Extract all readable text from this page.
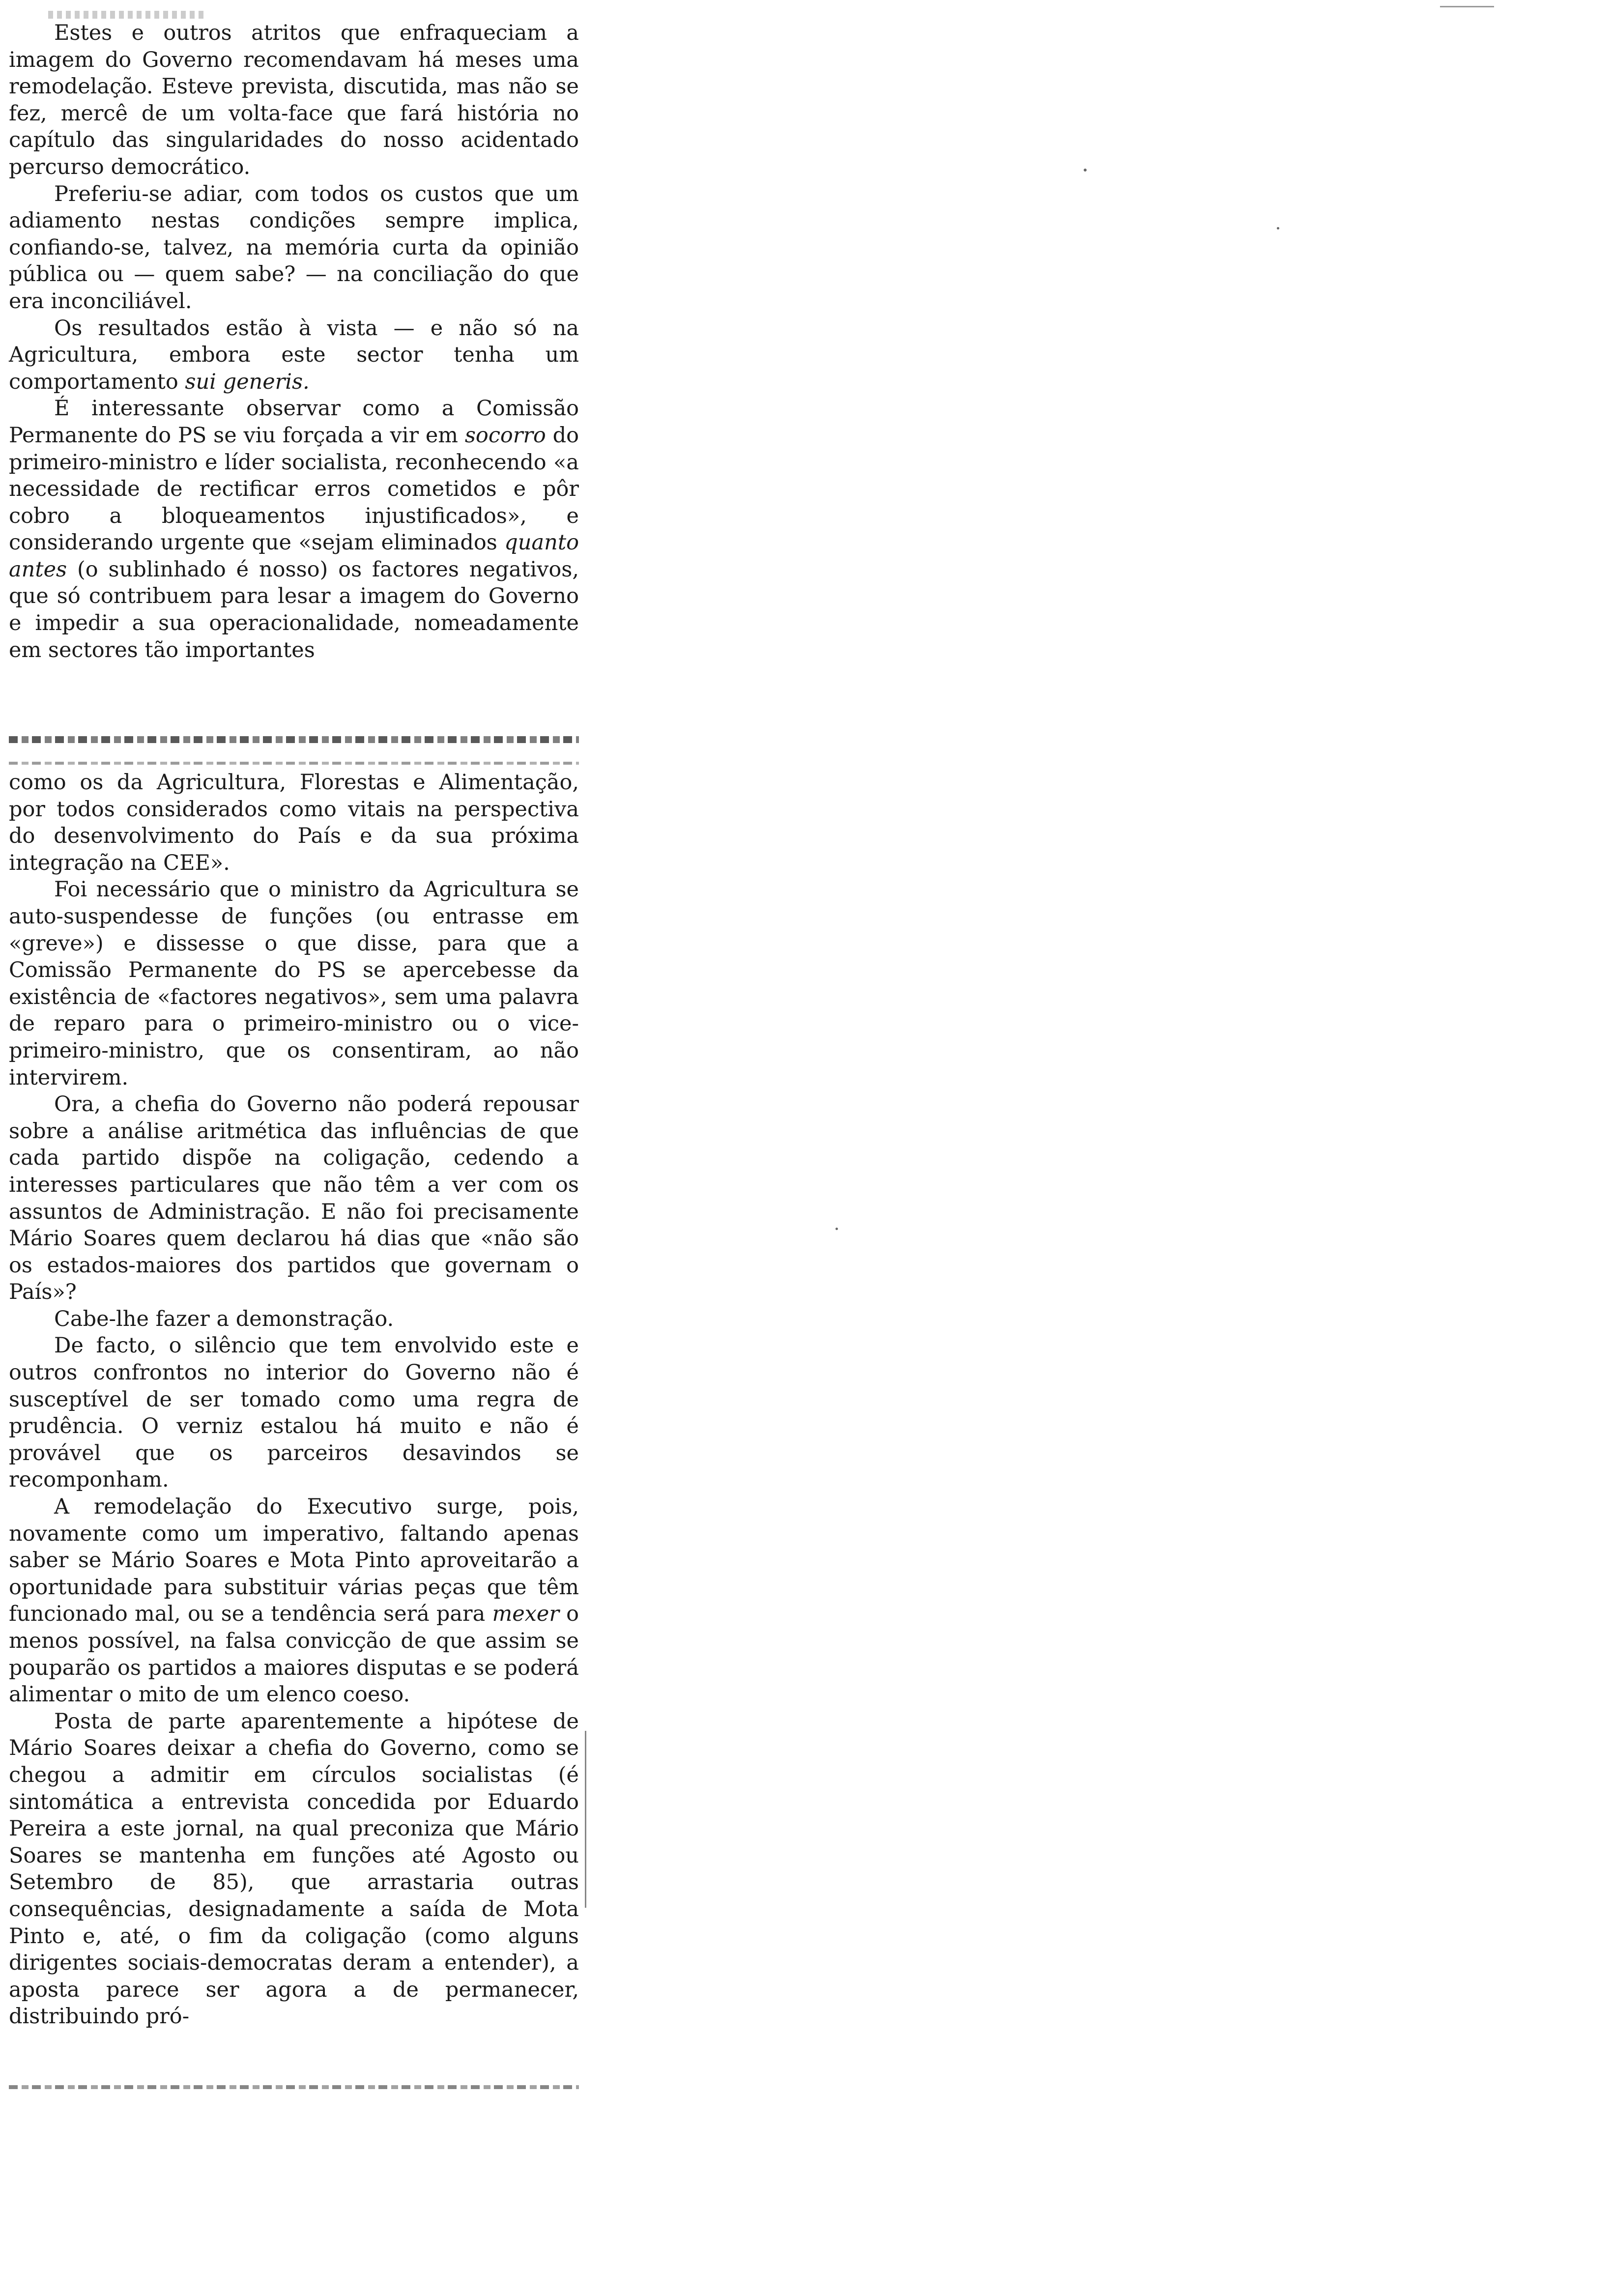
Estes e outros atritos que enfraqueciam a imagem do Governo recomendavam há meses uma remodelação. Esteve prevista, discutida, mas não se fez, mercê de um volta-face que fará história no capítulo das singularidades do nosso acidentado percurso democrático.

Preferiu-se adiar, com todos os custos que um adiamento nestas condições sempre implica, confiando-se, talvez, na memória curta da opinião pública ou — quem sabe? — na conciliação do que era inconciliável.

Os resultados estão à vista — e não só na Agricultura, embora este sector tenha um comportamento sui generis.

É interessante observar como a Comissão Permanente do PS se viu forçada a vir em socorro do primeiro-ministro e líder socialista, reconhecendo «a necessidade de rectificar erros cometidos e pôr cobro a bloqueamentos injustificados», e considerando urgente que «sejam eliminados quanto antes (o sublinhado é nosso) os factores negativos, que só contribuem para lesar a imagem do Governo e impedir a sua operacionalidade, nomeadamente em sectores tão importantes

como os da Agricultura, Florestas e Alimentação, por todos considerados como vitais na perspectiva do desenvolvimento do País e da sua próxima integração na CEE».

Foi necessário que o ministro da Agricultura se auto-suspendesse de funções (ou entrasse em «greve») e dissesse o que disse, para que a Comissão Permanente do PS se apercebesse da existência de «factores negativos», sem uma palavra de reparo para o primeiro-ministro ou o vice-primeiro-ministro, que os consentiram, ao não intervirem.

Ora, a chefia do Governo não poderá repousar sobre a análise aritmética das influências de que cada partido dispõe na coligação, cedendo a interesses particulares que não têm a ver com os assuntos de Administração. E não foi precisamente Mário Soares quem declarou há dias que «não são os estados-maiores dos partidos que governam o País»?

Cabe-lhe fazer a demonstração.

De facto, o silêncio que tem envolvido este e outros confrontos no interior do Governo não é susceptível de ser tomado como uma regra de prudência. O verniz estalou há muito e não é provável que os parceiros desavindos se recomponham.

A remodelação do Executivo surge, pois, novamente como um imperativo, faltando apenas saber se Mário Soares e Mota Pinto aproveitarão a oportunidade para substituir várias peças que têm funcionado mal, ou se a tendência será para mexer o menos possível, na falsa convicção de que assim se pouparão os partidos a maiores disputas e se poderá alimentar o mito de um elenco coeso.

Posta de parte aparentemente a hipótese de Mário Soares deixar a chefia do Governo, como se chegou a admitir em círculos socialistas (é sintomática a entrevista concedida por Eduardo Pereira a este jornal, na qual preconiza que Mário Soares se mantenha em funções até Agosto ou Setembro de 85), que arrastaria outras consequências, designadamente a saída de Mota Pinto e, até, o fim da coligação (como alguns dirigentes sociais-democratas deram a entender), a aposta parece ser agora a de permanecer, distribuindo pró-
